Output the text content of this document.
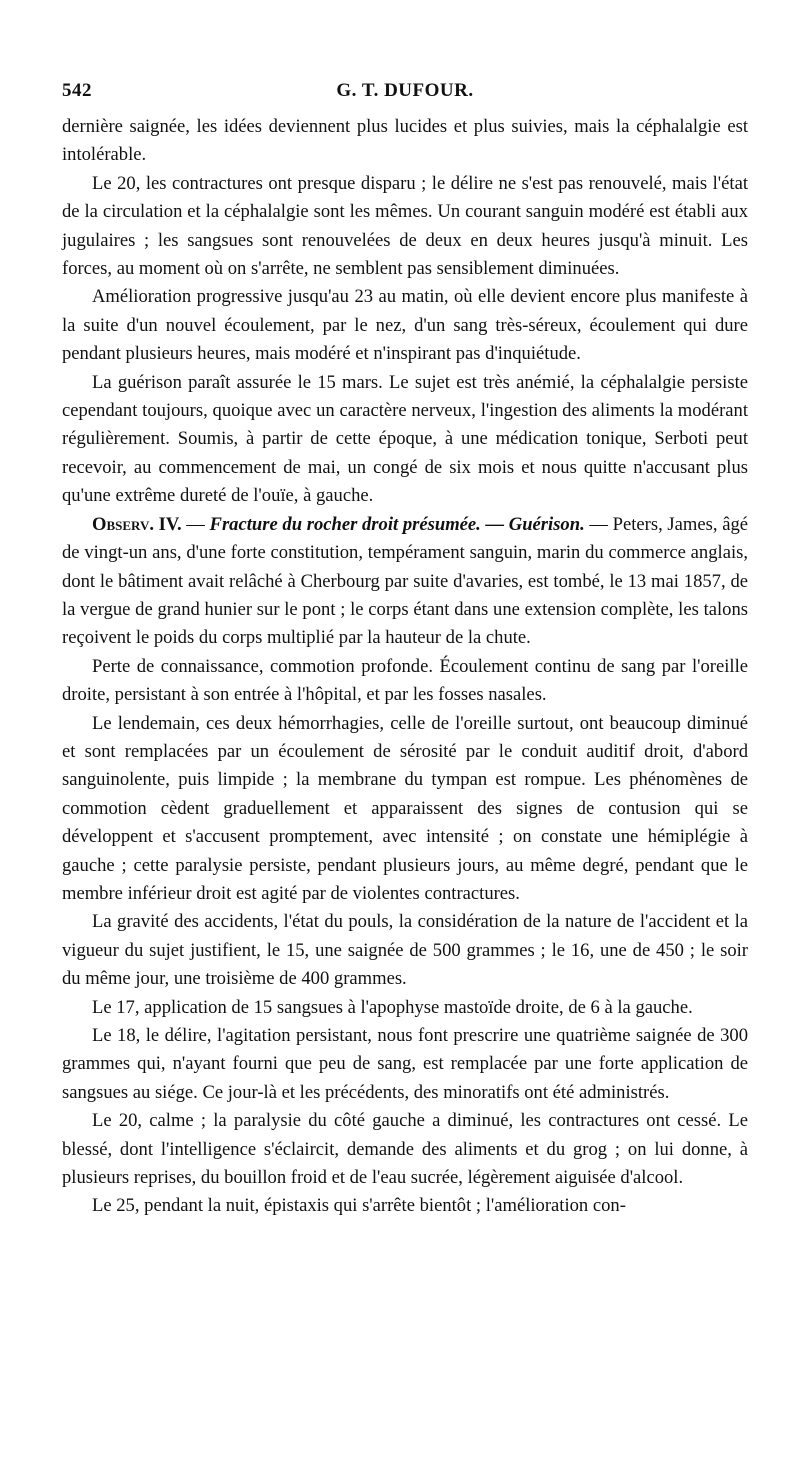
542	G. T. DUFOUR.

dernière saignée, les idées deviennent plus lucides et plus suivies, mais la céphalalgie est intolérable.

Le 20, les contractures ont presque disparu ; le délire ne s'est pas renouvelé, mais l'état de la circulation et la céphalalgie sont les mêmes. Un courant sanguin modéré est établi aux jugulaires ; les sangsues sont renouvelées de deux en deux heures jusqu'à minuit. Les forces, au moment où on s'arrête, ne semblent pas sensiblement diminuées.

Amélioration progressive jusqu'au 23 au matin, où elle devient encore plus manifeste à la suite d'un nouvel écoulement, par le nez, d'un sang très-séreux, écoulement qui dure pendant plusieurs heures, mais modéré et n'inspirant pas d'inquiétude.

La guérison paraît assurée le 15 mars. Le sujet est très anémié, la céphalalgie persiste cependant toujours, quoique avec un caractère nerveux, l'ingestion des aliments la modérant régulièrement. Soumis, à partir de cette époque, à une médication tonique, Serboti peut recevoir, au commencement de mai, un congé de six mois et nous quitte n'accusant plus qu'une extrême dureté de l'ouïe, à gauche.

Observ. IV. — Fracture du rocher droit présumée. — Guérison. — Peters, James, âgé de vingt-un ans, d'une forte constitution, tempérament sanguin, marin du commerce anglais, dont le bâtiment avait relâché à Cherbourg par suite d'avaries, est tombé, le 13 mai 1857, de la vergue de grand hunier sur le pont ; le corps étant dans une extension complète, les talons reçoivent le poids du corps multiplié par la hauteur de la chute.

Perte de connaissance, commotion profonde. Écoulement continu de sang par l'oreille droite, persistant à son entrée à l'hôpital, et par les fosses nasales.

Le lendemain, ces deux hémorrhagies, celle de l'oreille surtout, ont beaucoup diminué et sont remplacées par un écoulement de sérosité par le conduit auditif droit, d'abord sanguinolente, puis limpide ; la membrane du tympan est rompue. Les phénomènes de commotion cèdent graduellement et apparaissent des signes de contusion qui se développent et s'accusent promptement, avec intensité ; on constate une hémiplégie à gauche ; cette paralysie persiste, pendant plusieurs jours, au même degré, pendant que le membre inférieur droit est agité par de violentes contractures.

La gravité des accidents, l'état du pouls, la considération de la nature de l'accident et la vigueur du sujet justifient, le 15, une saignée de 500 grammes ; le 16, une de 450 ; le soir du même jour, une troisième de 400 grammes.

Le 17, application de 15 sangsues à l'apophyse mastoïde droite, de 6 à la gauche.

Le 18, le délire, l'agitation persistant, nous font prescrire une quatrième saignée de 300 grammes qui, n'ayant fourni que peu de sang, est remplacée par une forte application de sangsues au siége. Ce jour-là et les précédents, des minoratifs ont été administrés.

Le 20, calme ; la paralysie du côté gauche a diminué, les contractures ont cessé. Le blessé, dont l'intelligence s'éclaircit, demande des aliments et du grog ; on lui donne, à plusieurs reprises, du bouillon froid et de l'eau sucrée, légèrement aiguisée d'alcool.

Le 25, pendant la nuit, épistaxis qui s'arrête bientôt ; l'amélioration con-
